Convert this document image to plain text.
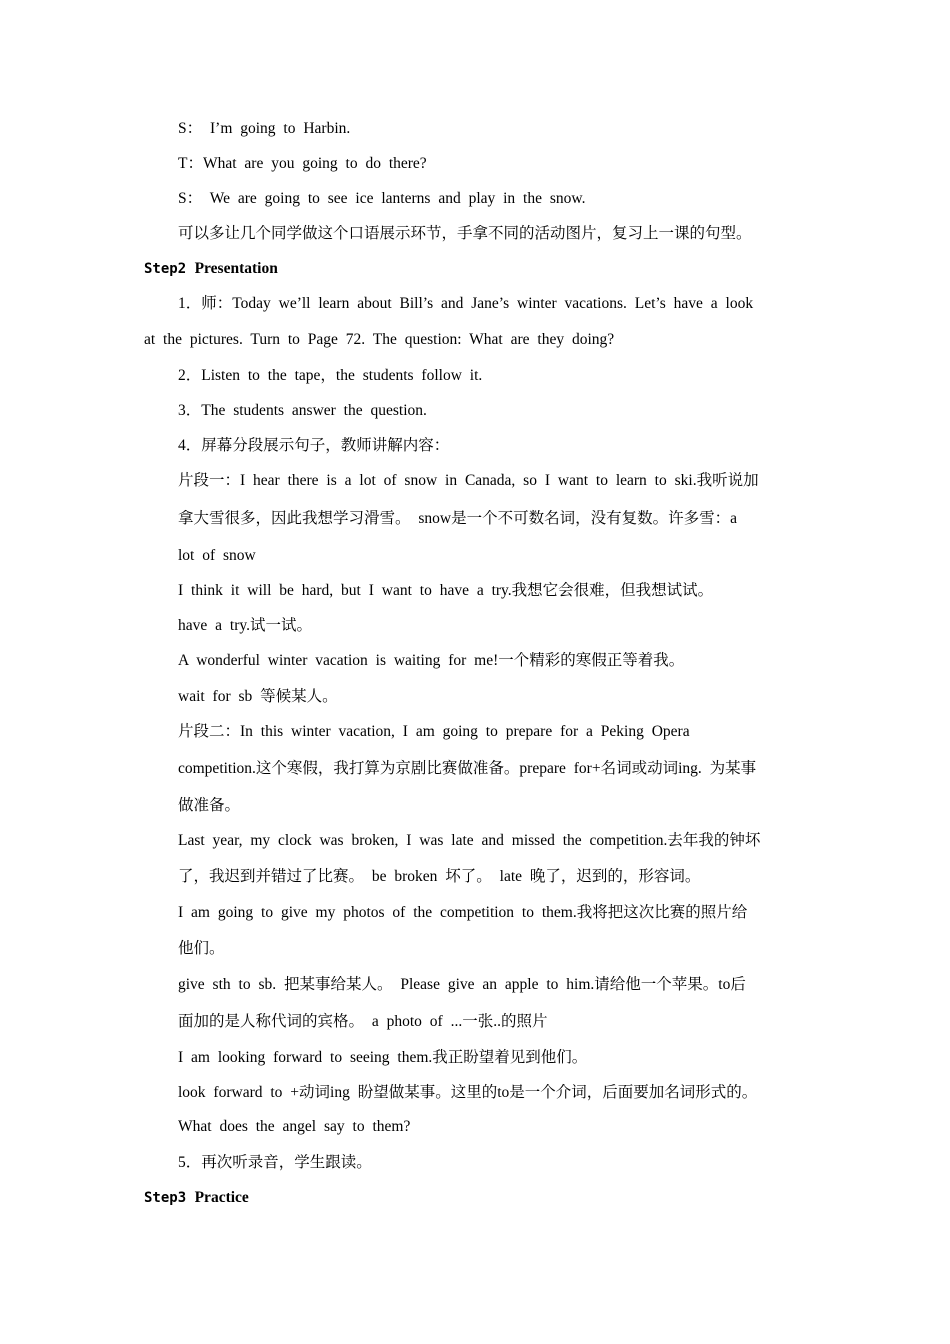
S： I’m going to Harbin.
T：What are you going to do there?
S： We are going to see ice lanterns and play in the snow.
可以多让几个同学做这个口语展示环节，手拿不同的活动图片，复习上一课的句型。
Step2 Presentation
1．师：Today we’ll learn about Bill’s and Jane’s winter vacations. Let’s have a look
at the pictures. Turn to Page 72. The question: What are they doing?
2．Listen to the tape，the students follow it.
3．The students answer the question.
4．屏幕分段展示句子，教师讲解内容：
片段一：I hear there is a lot of snow in Canada, so I want to learn to ski.我听说加
拿大雪很多，因此我想学习滑雪。 snow是一个不可数名词，没有复数。许多雪：a
lot of snow
I think it will be hard, but I want to have a try.我想它会很难，但我想试试。
have a try.试一试。
A wonderful winter vacation is waiting for me!一个精彩的寒假正等着我。
wait for sb 等候某人。
片段二：In this winter vacation, I am going to prepare for a Peking Opera
competition.这个寒假，我打算为京剧比赛做准备。prepare for+名词或动词ing. 为某事
做准备。
Last year, my clock was broken, I was late and missed the competition.去年我的钟坏
了，我迟到并错过了比赛。 be broken 坏了。 late 晚了，迟到的，形容词。
I am going to give my photos of the competition to them.我将把这次比赛的照片给
他们。
give sth to sb. 把某事给某人。 Please give an apple to him.请给他一个苹果。to后
面加的是人称代词的宾格。 a photo of ...一张..的照片
I am looking forward to seeing them.我正盼望着见到他们。
look forward to +动词ing 盼望做某事。这里的to是一个介词，后面要加名词形式的。
What does the angel say to them?
5．再次听录音，学生跟读。
Step3 Practice
